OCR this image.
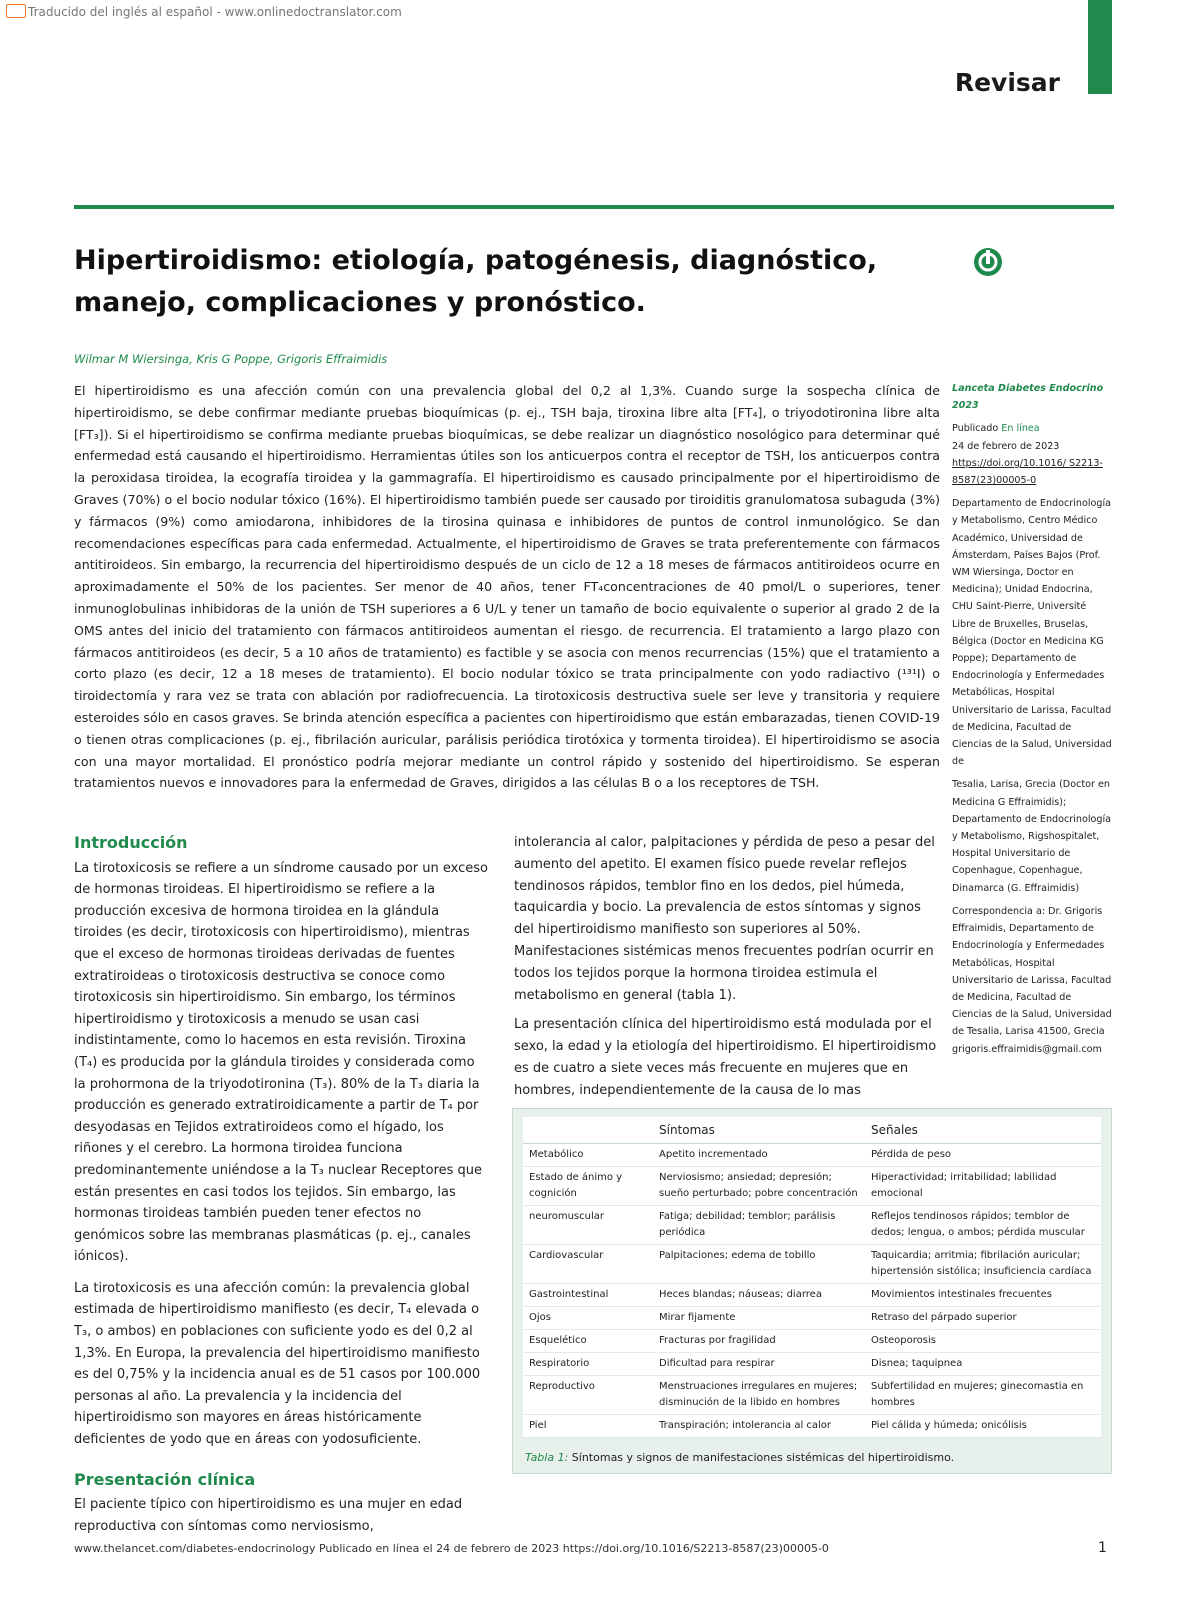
Traducido del inglés al español - www.onlinedoctranslator.com
Revisar
Hipertiroidismo: etiología, patogénesis, diagnóstico, manejo, complicaciones y pronóstico.
Wilmar M Wiersinga, Kris G Poppe, Grigoris Effraimidis
El hipertiroidismo es una afección común con una prevalencia global del 0,2 al 1,3%. Cuando surge la sospecha clínica de hipertiroidismo, se debe confirmar mediante pruebas bioquímicas (p. ej., TSH baja, tiroxina libre alta [FT₄], o triyodotironina libre alta [FT₃]). Si el hipertiroidismo se confirma mediante pruebas bioquímicas, se debe realizar un diagnóstico nosológico para determinar qué enfermedad está causando el hipertiroidismo. Herramientas útiles son los anticuerpos contra el receptor de TSH, los anticuerpos contra la peroxidasa tiroidea, la ecografía tiroidea y la gammagrafía. El hipertiroidismo es causado principalmente por el hipertiroidismo de Graves (70%) o el bocio nodular tóxico (16%). El hipertiroidismo también puede ser causado por tiroiditis granulomatosa subaguda (3%) y fármacos (9%) como amiodarona, inhibidores de la tirosina quinasa e inhibidores de puntos de control inmunológico. Se dan recomendaciones específicas para cada enfermedad. Actualmente, el hipertiroidismo de Graves se trata preferentemente con fármacos antitiroideos. Sin embargo, la recurrencia del hipertiroidismo después de un ciclo de 12 a 18 meses de fármacos antitiroideos ocurre en aproximadamente el 50% de los pacientes. Ser menor de 40 años, tener FT₄concentraciones de 40 pmol/L o superiores, tener inmunoglobulinas inhibidoras de la unión de TSH superiores a 6 U/L y tener un tamaño de bocio equivalente o superior al grado 2 de la OMS antes del inicio del tratamiento con fármacos antitiroideos aumentan el riesgo. de recurrencia. El tratamiento a largo plazo con fármacos antitiroideos (es decir, 5 a 10 años de tratamiento) es factible y se asocia con menos recurrencias (15%) que el tratamiento a corto plazo (es decir, 12 a 18 meses de tratamiento). El bocio nodular tóxico se trata principalmente con yodo radiactivo (¹³¹I) o tiroidectomía y rara vez se trata con ablación por radiofrecuencia. La tirotoxicosis destructiva suele ser leve y transitoria y requiere esteroides sólo en casos graves. Se brinda atención específica a pacientes con hipertiroidismo que están embarazadas, tienen COVID-19 o tienen otras complicaciones (p. ej., fibrilación auricular, parálisis periódica tirotóxica y tormenta tiroidea). El hipertiroidismo se asocia con una mayor mortalidad. El pronóstico podría mejorar mediante un control rápido y sostenido del hipertiroidismo. Se esperan tratamientos nuevos e innovadores para la enfermedad de Graves, dirigidos a las células B o a los receptores de TSH.

Lanceta Diabetes Endocrino 2023

Publicado En línea
24 de febrero de 2023
https://doi.org/10.1016/ S2213-8587(23)00005-0

Departamento de Endocrinología y Metabolismo, Centro Médico Académico, Universidad de Ámsterdam, Países Bajos (Prof. WM Wiersinga, Doctor en Medicina); Unidad Endocrina, CHU Saint-Pierre, Université Libre de Bruxelles, Bruselas, Bélgica (Doctor en Medicina KG Poppe); Departamento de Endocrinología y Enfermedades Metabólicas, Hospital Universitario de Larissa, Facultad de Medicina, Facultad de Ciencias de la Salud, Universidad de

Tesalia, Larisa, Grecia (Doctor en Medicina G Effraimidis); Departamento de Endocrinología y Metabolismo, Rigshospitalet, Hospital Universitario de Copenhague, Copenhague, Dinamarca (G. Effraimidis)

Correspondencia a: Dr. Grigoris Effraimidis, Departamento de Endocrinología y Enfermedades Metabólicas, Hospital Universitario de Larissa, Facultad de Medicina, Facultad de Ciencias de la Salud, Universidad de Tesalia, Larisa 41500, Grecia grigoris.effraimidis@gmail.com

Introducción

La tirotoxicosis se refiere a un síndrome causado por un exceso de hormonas tiroideas. El hipertiroidismo se refiere a la producción excesiva de hormona tiroidea en la glándula tiroides (es decir, tirotoxicosis con hipertiroidismo), mientras que el exceso de hormonas tiroideas derivadas de fuentes extratiroideas o tirotoxicosis destructiva se conoce como tirotoxicosis sin hipertiroidismo. Sin embargo, los términos hipertiroidismo y tirotoxicosis a menudo se usan casi indistintamente, como lo hacemos en esta revisión. Tiroxina (T₄) es producida por la glándula tiroides y considerada como la prohormona de la triyodotironina (T₃). 80% de la T₃ diaria la producción es generado extratiroidicamente a partir de T₄ por desyodasas en Tejidos extratiroideos como el hígado, los riñones y el cerebro. La hormona tiroidea funciona predominantemente uniéndose a la T₃ nuclear Receptores que están presentes en casi todos los tejidos. Sin embargo, las hormonas tiroideas también pueden tener efectos no genómicos sobre las membranas plasmáticas (p. ej., canales iónicos).

La tirotoxicosis es una afección común: la prevalencia global estimada de hipertiroidismo manifiesto (es decir, T₄ elevada o T₃, o ambos) en poblaciones con suficiente yodo es del 0,2 al 1,3%. En Europa, la prevalencia del hipertiroidismo manifiesto es del 0,75% y la incidencia anual es de 51 casos por 100.000 personas al año. La prevalencia y la incidencia del hipertiroidismo son mayores en áreas históricamente deficientes de yodo que en áreas con yodosuficiente.

Presentación clínica

El paciente típico con hipertiroidismo es una mujer en edad reproductiva con síntomas como nerviosismo,

intolerancia al calor, palpitaciones y pérdida de peso a pesar del aumento del apetito. El examen físico puede revelar reflejos tendinosos rápidos, temblor fino en los dedos, piel húmeda, taquicardia y bocio. La prevalencia de estos síntomas y signos del hipertiroidismo manifiesto son superiores al 50%. Manifestaciones sistémicas menos frecuentes podrían ocurrir en todos los tejidos porque la hormona tiroidea estimula el metabolismo en general (tabla 1).

La presentación clínica del hipertiroidismo está modulada por el sexo, la edad y la etiología del hipertiroidismo. El hipertiroidismo es de cuatro a siete veces más frecuente en mujeres que en hombres, independientemente de la causa de lo mas

	Síntomas	Señales
Metabólico	Apetito incrementado	Pérdida de peso
Estado de ánimo y cognición	Nerviosismo; ansiedad; depresión; sueño perturbado; pobre concentración	Hiperactividad; irritabilidad; labilidad emocional
neuromuscular	Fatiga; debilidad; temblor; parálisis periódica	Reflejos tendinosos rápidos; temblor de dedos; lengua, o ambos; pérdida muscular
Cardiovascular	Palpitaciones; edema de tobillo	Taquicardia; arritmia; fibrilación auricular; hipertensión sistólica; insuficiencia cardíaca
Gastrointestinal	Heces blandas; náuseas; diarrea	Movimientos intestinales frecuentes
Ojos	Mirar fijamente	Retraso del párpado superior
Esquelético	Fracturas por fragilidad	Osteoporosis
Respiratorio	Dificultad para respirar	Disnea; taquipnea
Reproductivo	Menstruaciones irregulares en mujeres; disminución de la libido en hombres	Subfertilidad en mujeres; ginecomastia en hombres
Piel	Transpiración; intolerancia al calor	Piel cálida y húmeda; onicólisis
Tabla 1: Síntomas y signos de manifestaciones sistémicas del hipertiroidismo.
www.thelancet.com/diabetes-endocrinology Publicado en línea el 24 de febrero de 2023 https://doi.org/10.1016/S2213-8587(23)00005-0	1
